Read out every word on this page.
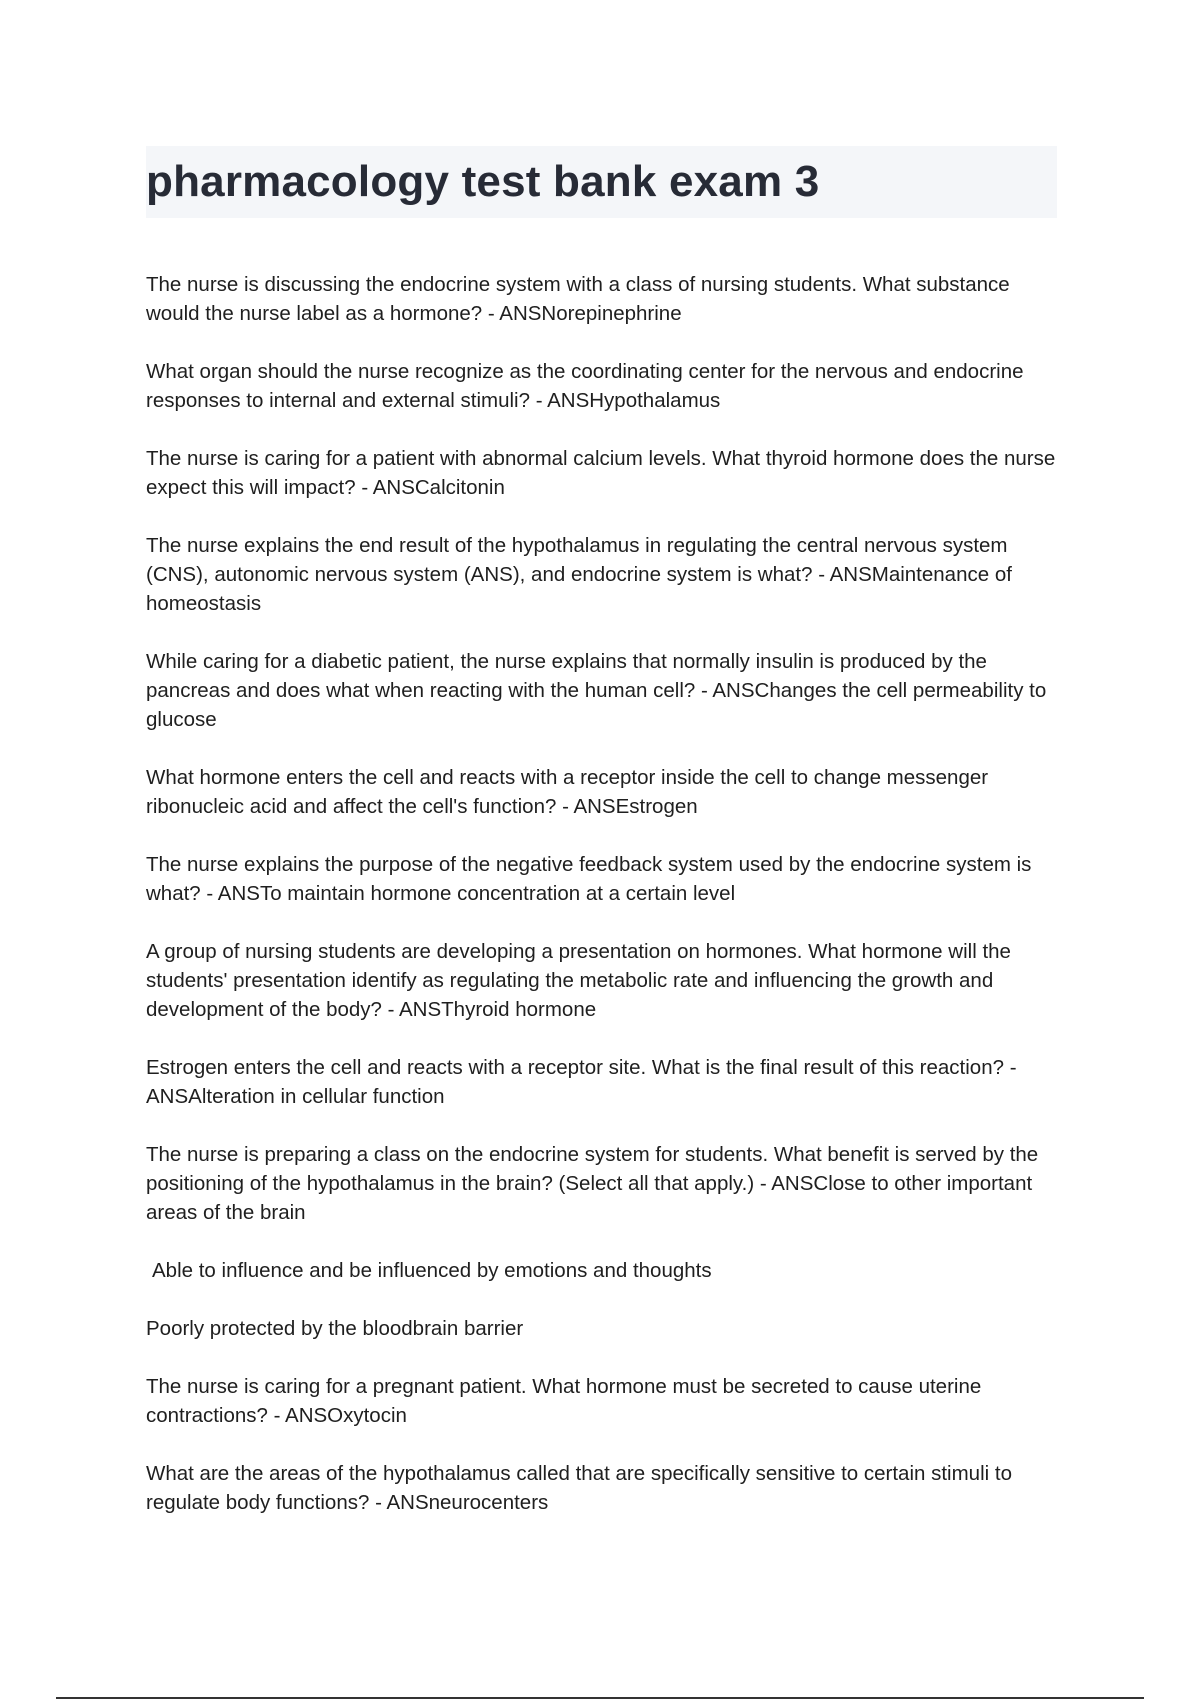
pharmacology test bank exam 3

The nurse is discussing the endocrine system with a class of nursing students. What substance would the nurse label as a hormone? - ANSNorepinephrine

What organ should the nurse recognize as the coordinating center for the nervous and endocrine responses to internal and external stimuli? - ANSHypothalamus

The nurse is caring for a patient with abnormal calcium levels. What thyroid hormone does the nurse expect this will impact? - ANSCalcitonin

The nurse explains the end result of the hypothalamus in regulating the central nervous system (CNS), autonomic nervous system (ANS), and endocrine system is what? - ANSMaintenance of homeostasis

While caring for a diabetic patient, the nurse explains that normally insulin is produced by the pancreas and does what when reacting with the human cell? - ANSChanges the cell permeability to glucose

What hormone enters the cell and reacts with a receptor inside the cell to change messenger ribonucleic acid and affect the cell's function? - ANSEstrogen

The nurse explains the purpose of the negative feedback system used by the endocrine system is what? - ANSTo maintain hormone concentration at a certain level

A group of nursing students are developing a presentation on hormones. What hormone will the students' presentation identify as regulating the metabolic rate and influencing the growth and development of the body? - ANSThyroid hormone

Estrogen enters the cell and reacts with a receptor site. What is the final result of this reaction? - ANSAlteration in cellular function

The nurse is preparing a class on the endocrine system for students. What benefit is served by the positioning of the hypothalamus in the brain? (Select all that apply.) - ANSClose to other important areas of the brain

Able to influence and be influenced by emotions and thoughts

Poorly protected by the bloodbrain barrier

The nurse is caring for a pregnant patient. What hormone must be secreted to cause uterine contractions? - ANSOxytocin

What are the areas of the hypothalamus called that are specifically sensitive to certain stimuli to regulate body functions? - ANSneurocenters
